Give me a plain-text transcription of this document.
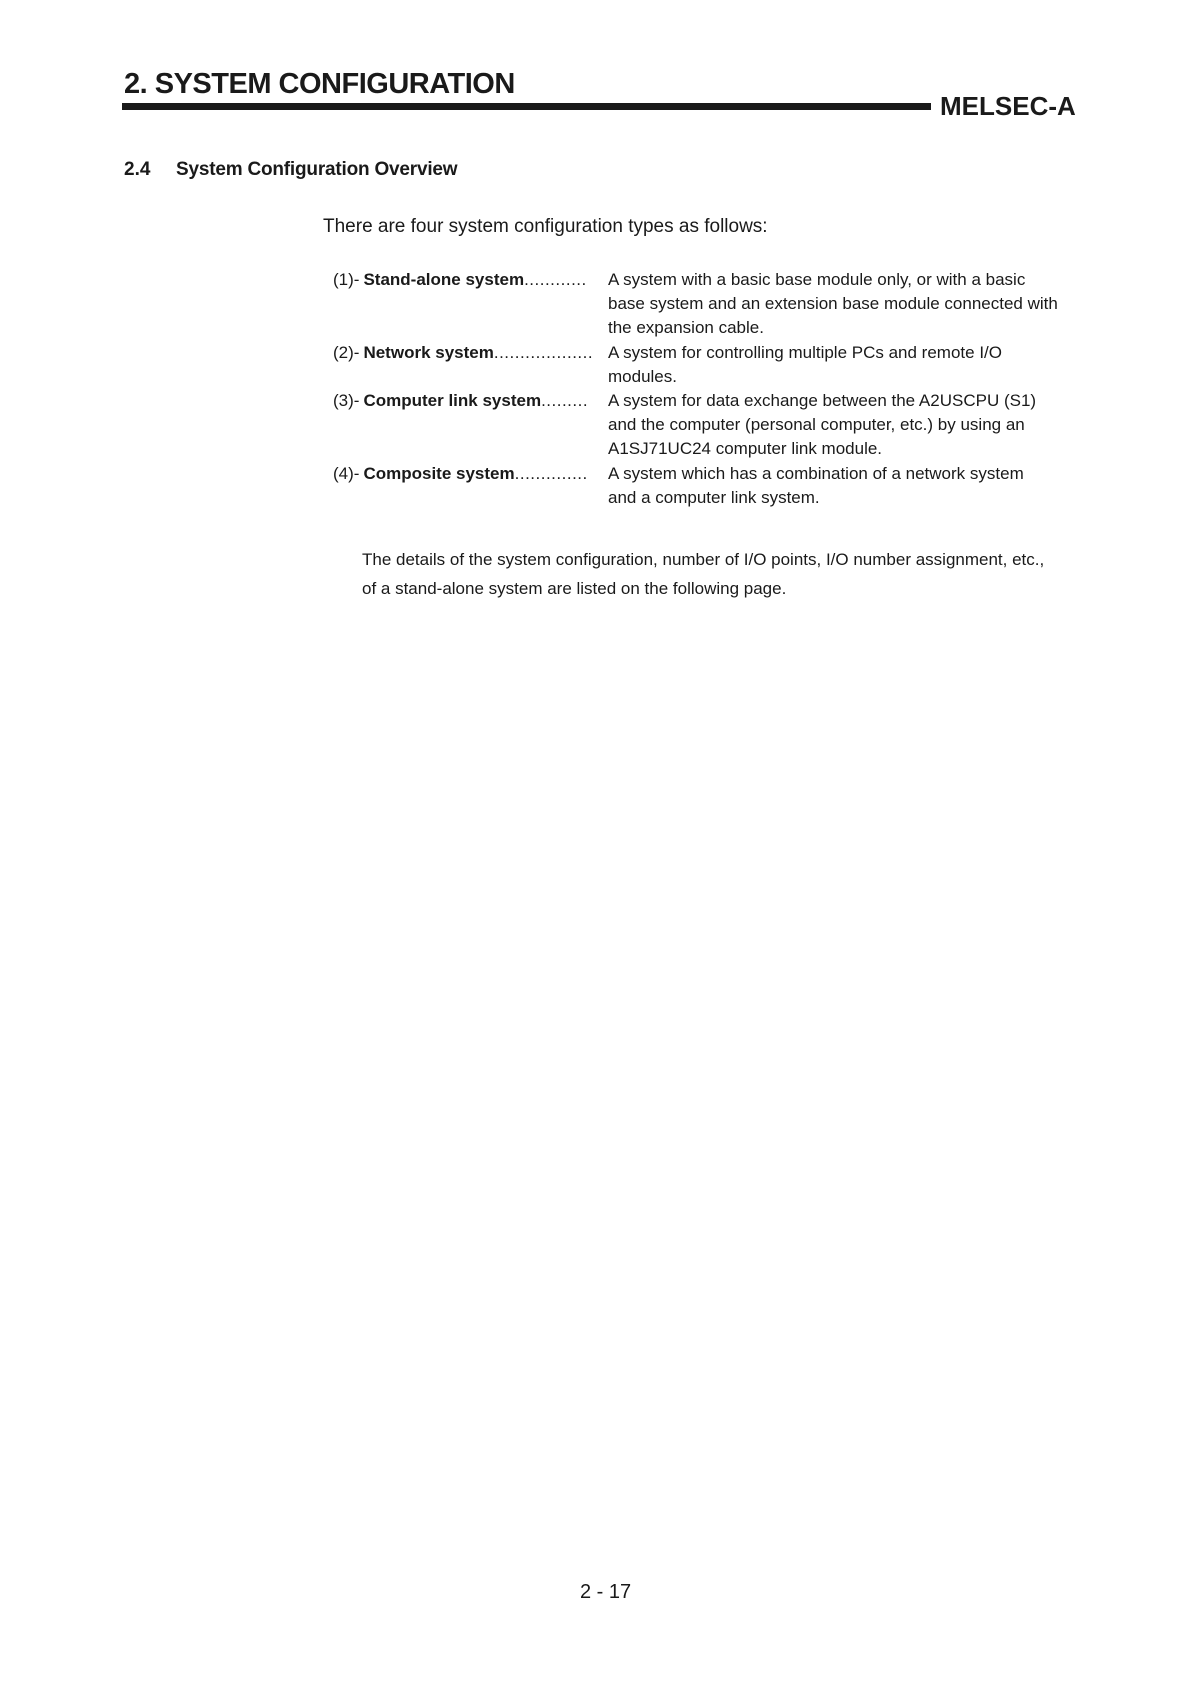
2. SYSTEM CONFIGURATION
MELSEC-A
2.4 System Configuration Overview
There are four system configuration types as follows:
(1)- Stand-alone system............ A system with a basic base module only, or with a basic
base system and an extension base module connected with
the expansion cable.
(2)- Network system................... A system for controlling multiple PCs and remote I/O
modules.
(3)- Computer link system......... A system for data exchange between the A2USCPU (S1)
and the computer (personal computer, etc.) by using an
A1SJ71UC24 computer link module.
(4)- Composite system.............. A system which has a combination of a network system
and a computer link system.
The details of the system configuration, number of I/O points, I/O number assignment, etc.,
of a stand-alone system are listed on the following page.
2 - 17
